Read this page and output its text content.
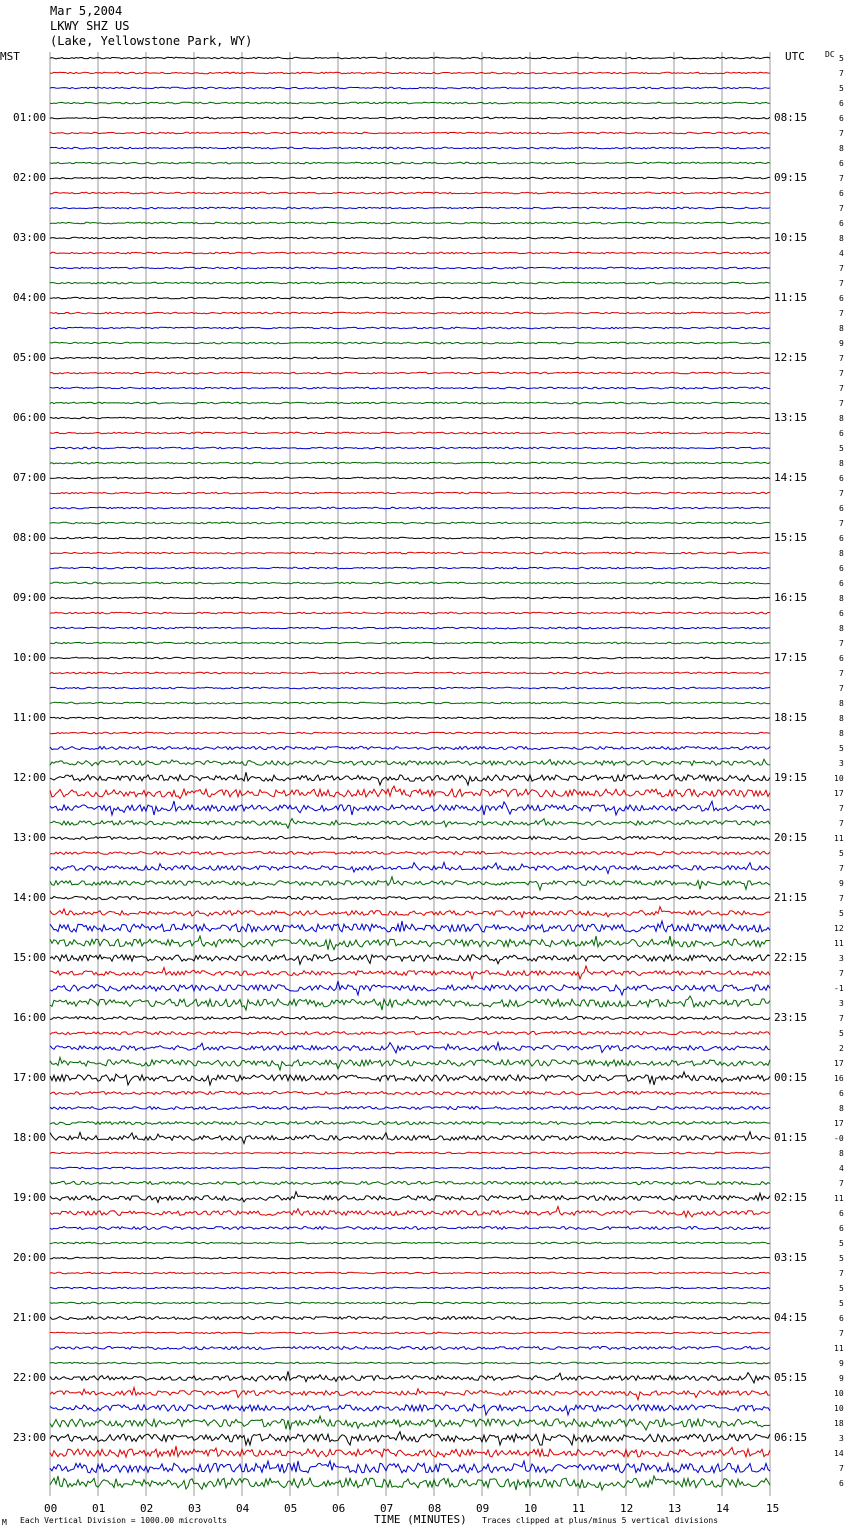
Mar 5,2004
LKWY SHZ US
(Lake, Yellowstone Park, WY)
MST	UTC	DC
01:00
02:00
03:00
04:00
05:00
06:00
07:00
08:00
09:00
10:00
11:00
12:00
13:00
14:00
15:00
16:00
17:00
18:00
19:00
20:00
21:00
22:00
23:00
08:15
09:15
10:15
11:15
12:15
13:15
14:15
15:15
16:15
17:15
18:15
19:15
20:15
21:15
22:15
23:15
00:15
01:15
02:15
03:15
04:15
05:15
06:15
5
7
5
6
6
7
8
6
7
6
7
6
8
4
7
7
6
7
8
9
7
7
7
7
8
6
5
8
6
7
6
7
6
8
6
6
8
6
8
7
6
7
7
8
8
8
5
3
10
17
7
7
11
5
7
9
7
5
12
11
3
7
-1
3
7
5
2
17
16
6
8
17
-0
8
4
7
11
6
6
5
5
7
5
5
6
7
11
9
9
10
10
18
3
14
7
6
00	01	02	03	04	05	06	07	08	09	10	11	12	13	14	15
M Each Vertical Division = 1000.00 microvolts	TIME (MINUTES) Traces clipped at plus/minus 5 vertical divisions
